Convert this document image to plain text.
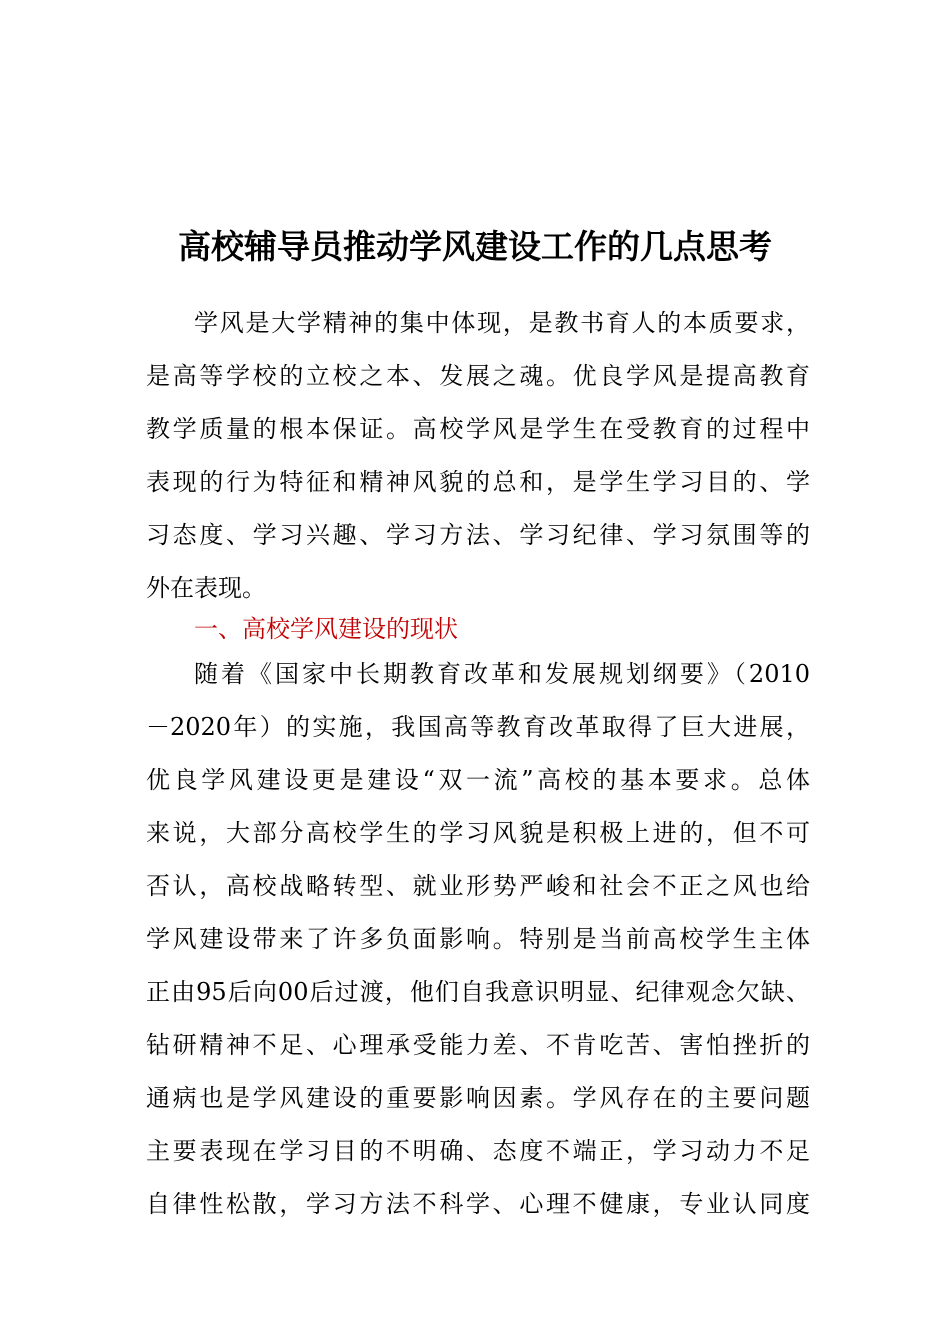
高校辅导员推动学风建设工作的几点思考
学风是大学精神的集中体现，是教书育人的本质要求，
是高等学校的立校之本、发展之魂。优良学风是提高教育
教学质量的根本保证。高校学风是学生在受教育的过程中
表现的行为特征和精神风貌的总和，是学生学习目的、学
习态度、学习兴趣、学习方法、学习纪律、学习氛围等的
外在表现。
一、高校学风建设的现状
随着《国家中长期教育改革和发展规划纲要》（2010
－2020年）的实施，我国高等教育改革取得了巨大进展，
优良学风建设更是建设“双一流”高校的基本要求。总体
来说，大部分高校学生的学习风貌是积极上进的，但不可
否认，高校战略转型、就业形势严峻和社会不正之风也给
学风建设带来了许多负面影响。特别是当前高校学生主体
正由95后向00后过渡，他们自我意识明显、纪律观念欠缺、
钻研精神不足、心理承受能力差、不肯吃苦、害怕挫折的
通病也是学风建设的重要影响因素。学风存在的主要问题
主要表现在学习目的不明确、态度不端正，学习动力不足
自律性松散，学习方法不科学、心理不健康，专业认同度
